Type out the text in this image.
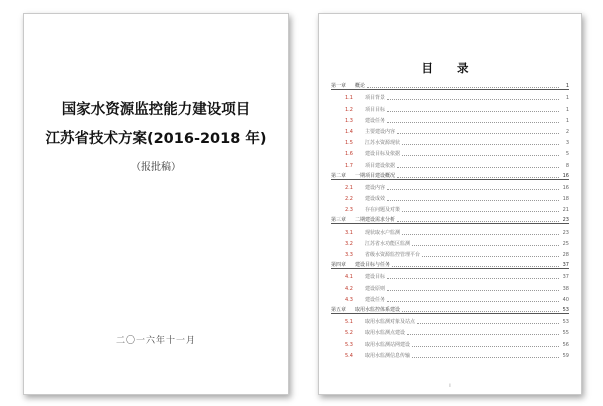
国家水资源监控能力建设项目
江苏省技术方案(2016-2018 年)
（报批稿）
二〇一六年十一月
目 录
第一章	概论	1
1.1	项目背景	1
1.2	项目目标	1
1.3	建设任务	1
1.4	主要建设内容	2
1.5	江苏水资源现状	3
1.6	建设目标及依据	5
1.7	项目建设依据	8
第二章	一期项目建设概况	16
2.1	建设内容	16
2.2	建设成效	18
2.3	存在问题及对策	21
第三章	二期建设需求分析	23
3.1	现状取水户监测	23
3.2	江苏省水功能区监测	25
3.3	省级水资源监控管理平台	28
第四章	建设目标与任务	37
4.1	建设目标	37
4.2	建设原则	38
4.3	建设任务	40
第五章	取用水监控体系建设	53
5.1	取用水监测对象及站点	53
5.2	取用水监测点建设	55
5.3	取用水监测站网建设	56
5.4	取用水监测信息传输	59
I
